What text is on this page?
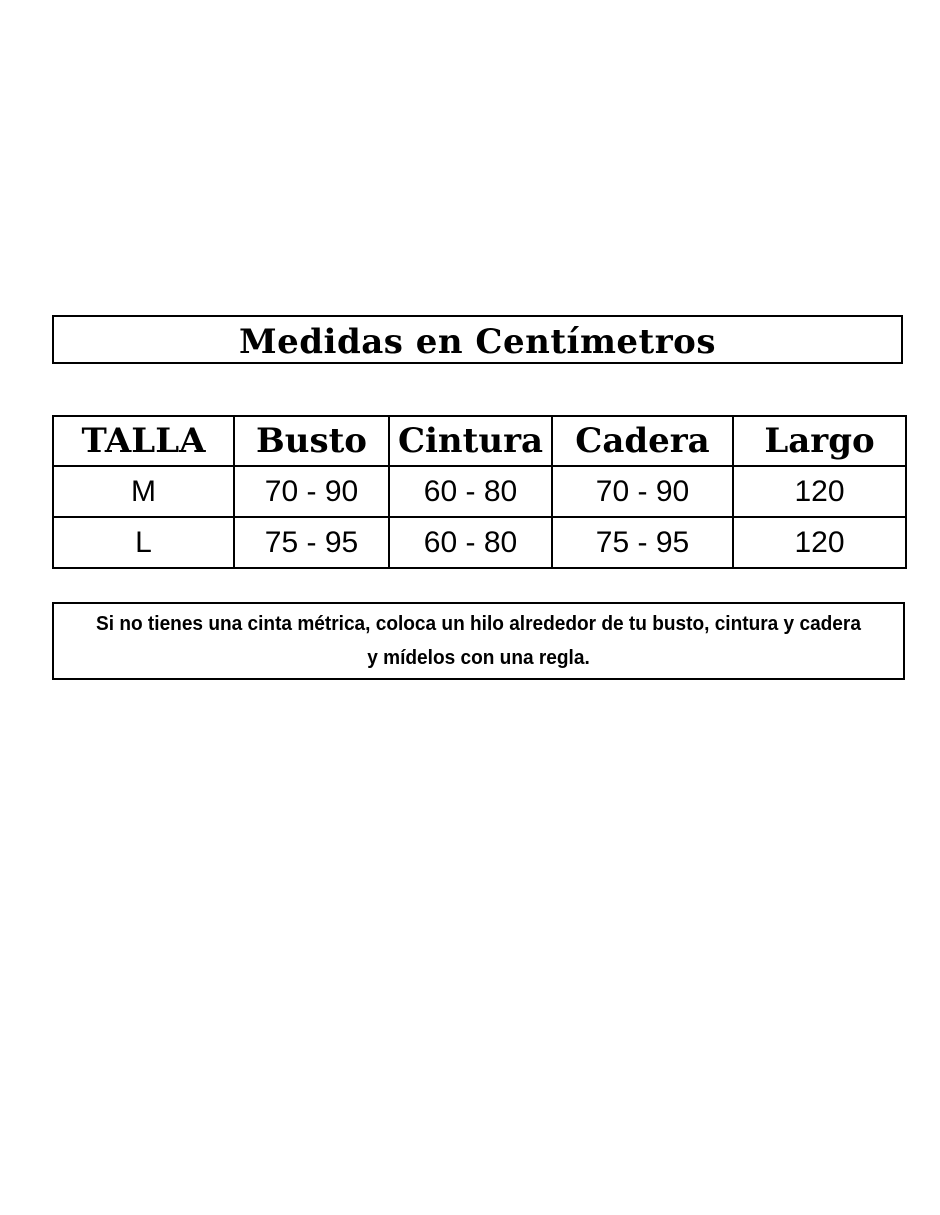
Medidas en Centímetros
TALLA	Busto	Cintura	Cadera	Largo
M	70 - 90	60 - 80	70 - 90	120
L	75 - 95	60 - 80	75 - 95	120
Si no tienes una cinta métrica, coloca un hilo alrededor de tu busto, cintura y cadera y mídelos con una regla.
